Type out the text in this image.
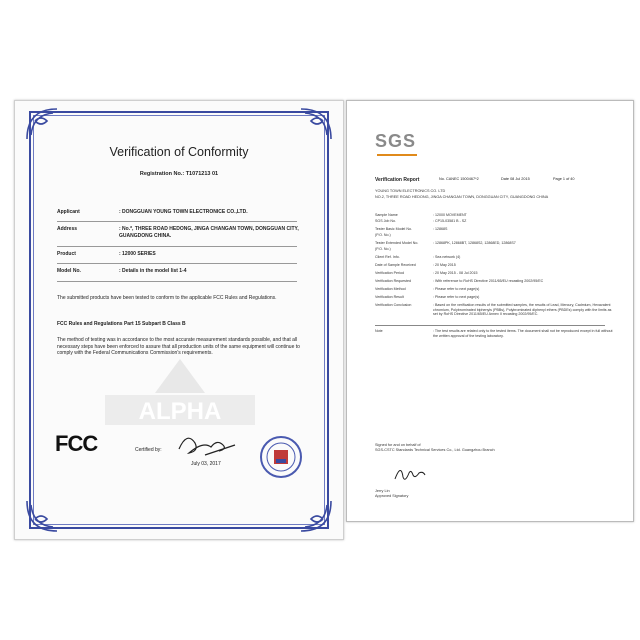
Verification of Conformity
Registration No.: T1071213 01
Applicant	: DONGGUAN YOUNG TOWN ELECTRONICE CO.,LTD.
Address	: No.*, THREE ROAD HEDONG, JINGA CHANGAN TOWN, DONGGUAN CITY, GUANGDONG CHINA.
Product	: 12000 SERIES
Model No.	: Details in the model list 1-4
The submitted products have been tested to conform to the applicable FCC Rules and Regulations.
FCC Rules and Regulations Part 15 Subpart B Class B
The method of testing was in accordance to the most accurate measurement standards possible, and that all necessary steps have been enforced to assure that all production units of the same equipment will continue to comply with the Federal Communications Commission's requirements.
ALPHA
FCC	Certified by:
July 03, 2017
SGS
Verification Report	No. CANEC 1500467*2	Date 08 Jul 2015	Page 1 of 40
YOUNG TOWN ELECTRONICS CO. LTD
NO.2, THREE ROAD HEDONG, JINGA CHANGAN TOWN, DONGGUAN CITY, GUANGDONG CHINA
Sample Name	: 12000 MOVEMENT
SGS Job No.	: CP15-03581 B - SZ
Tester Basic Model No.	: 12868S
(P.O. No.)
Tester Extended Model No.	: 12868PK, 12868BT, 12868S2, 12868ED, 12868S7
(P.O. No.)
Client Ref. Info.	: Sea network (4)
Date of Sample Received	: 20 May 2015
Verification Period	: 20 May 2015 - 08 Jul 2015
Verification Requested	: With reference to RoHS Directive 2011/65/EU recasting 2002/95/EC
Verification Method	: Please refer to next page(s)
Verification Result	: Please refer to next page(s)
Verification Conclusion	: Based on the verification results of the submitted samples, the results of Lead, Mercury, Cadmium, Hexavalent chromium, Polybrominated biphenyls (PBBs), Polybrominated diphenyl ethers (PBDEs) comply with the limits as set by RoHS Directive 2011/65/EU Annex II recasting 2002/95/EC.
Note	: The test results are related only to the tested items. The document shall not be reproduced except in full without the written approval of the testing laboratory.
Signed for and on behalf of
SGS-CSTC Standards Technical Services Co., Ltd. Guangzhou Branch
Jerry Lin
Approved Signatory
